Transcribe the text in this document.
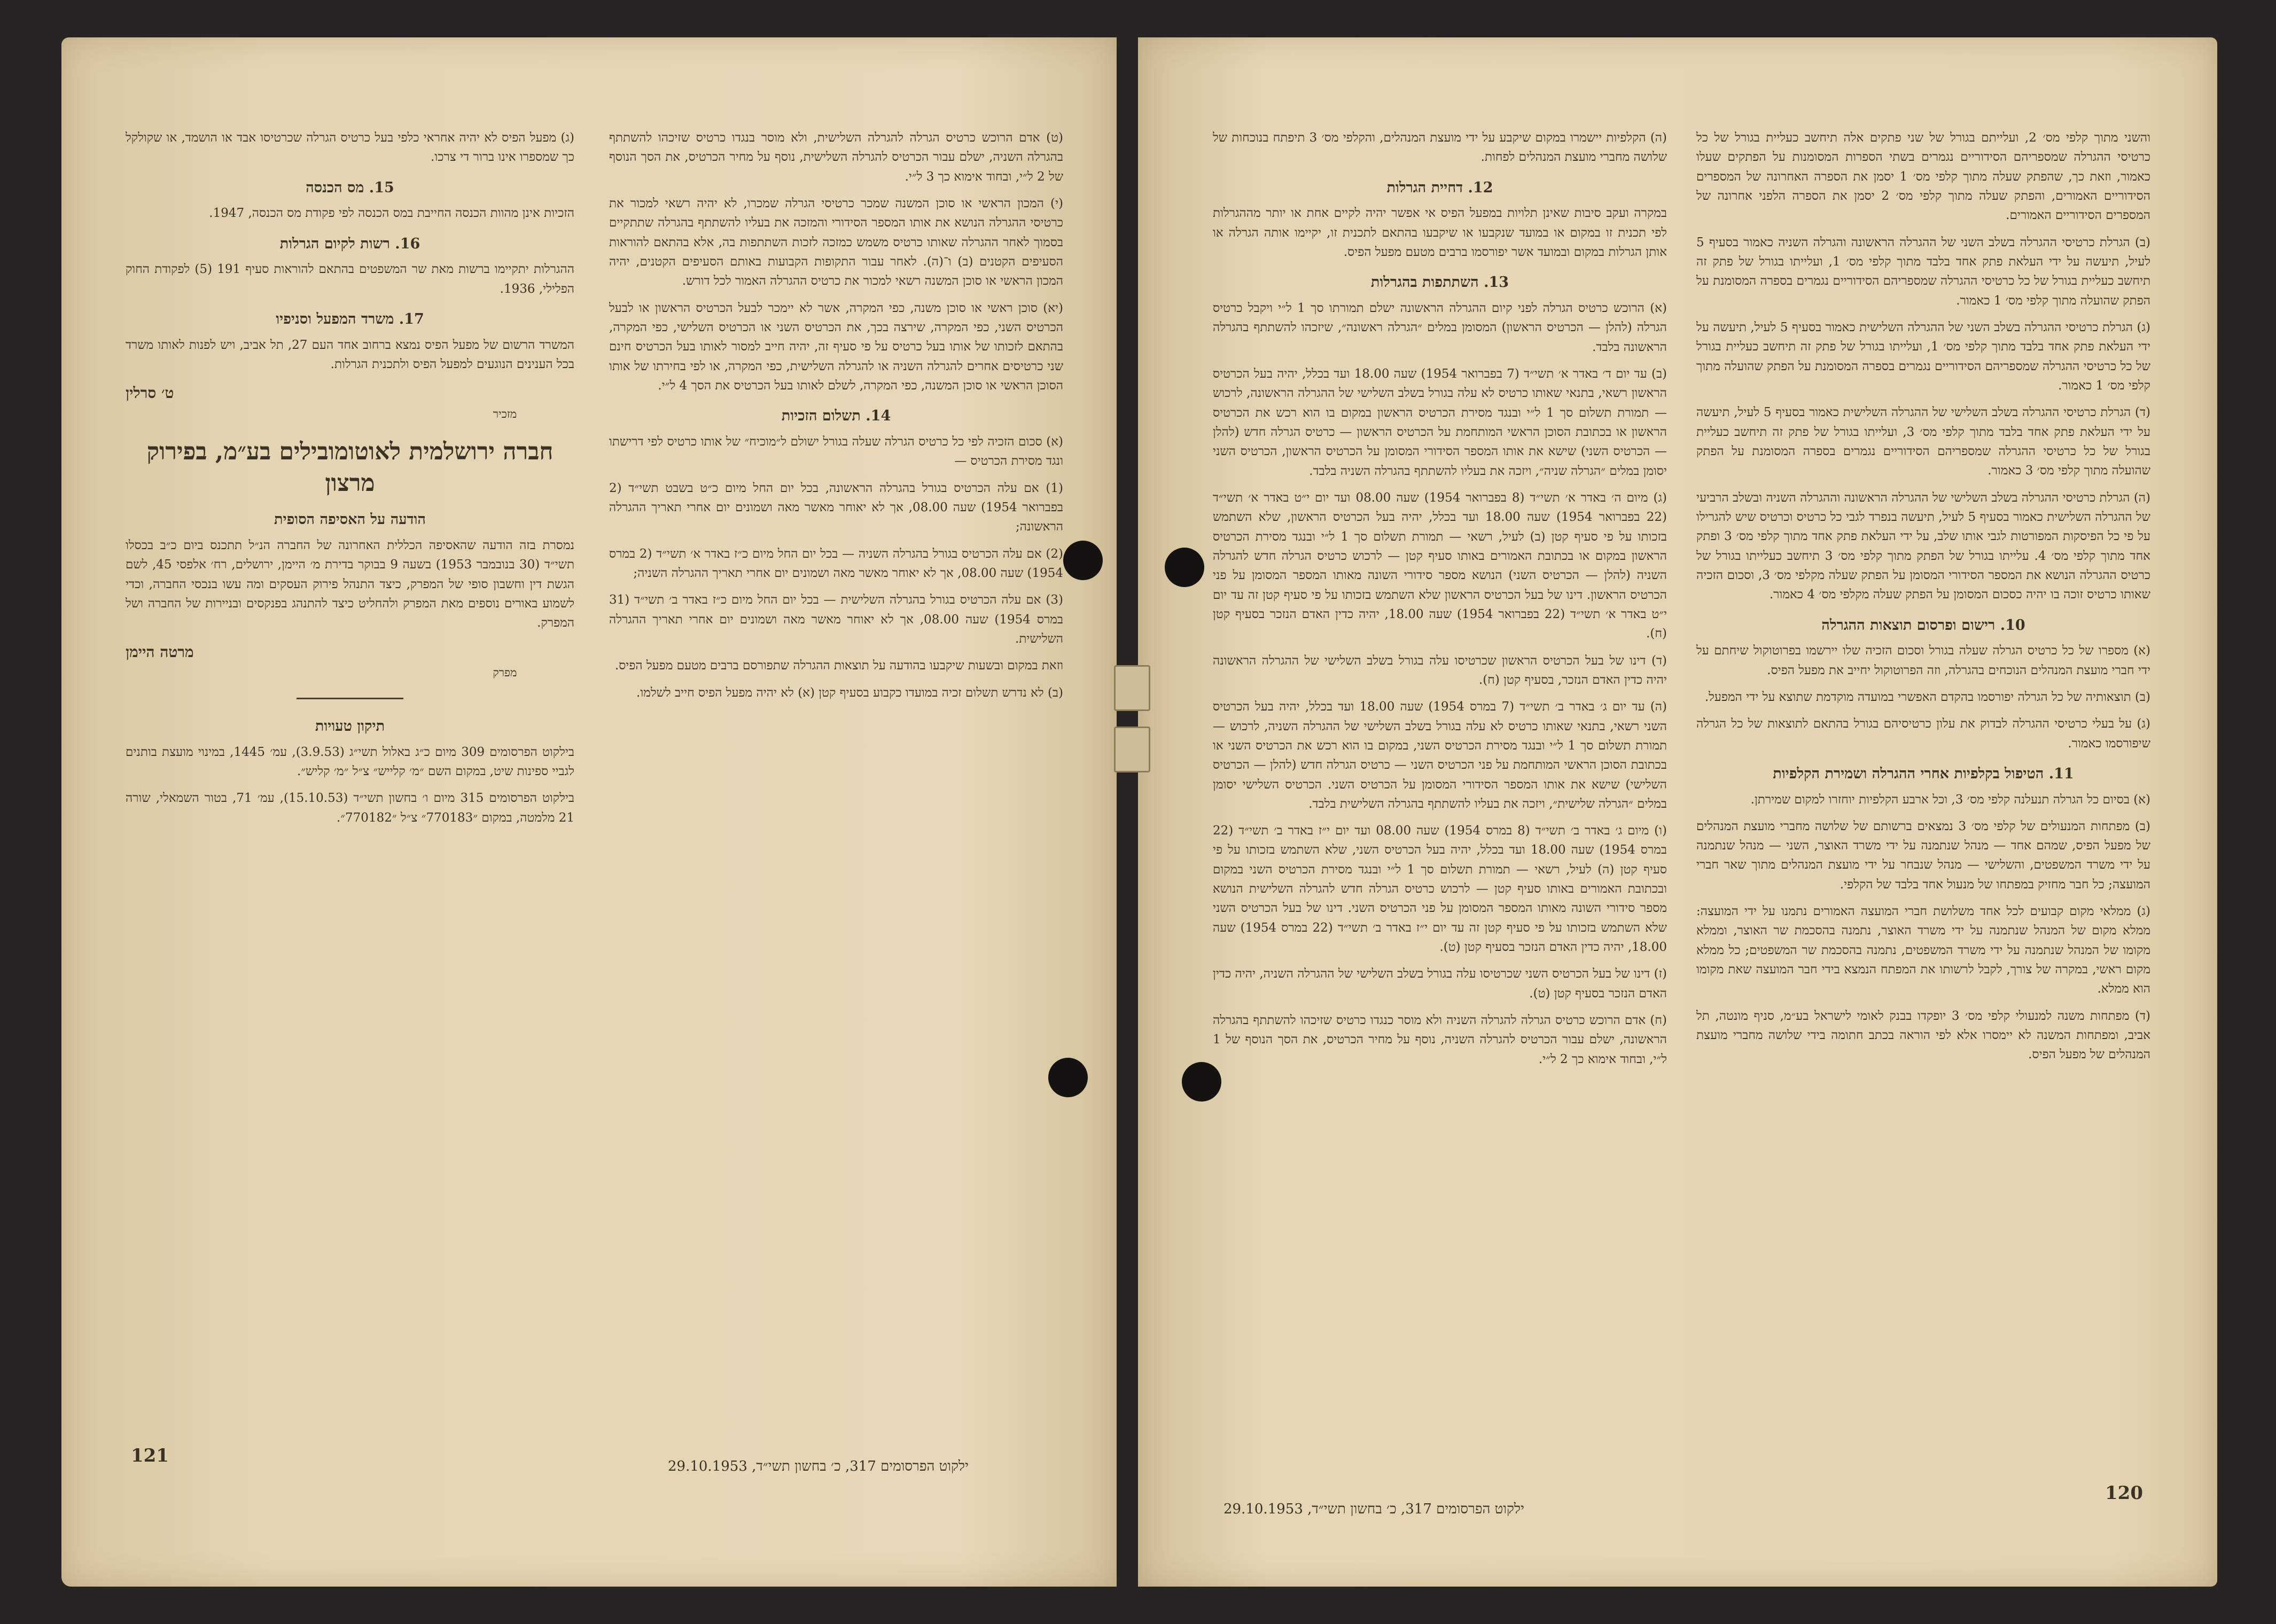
(ט) אדם הרוכש כרטיס הגרלה להגרלה השלישית, ולא מוסר בנגדו כרטיס שזיכהו להשתתף בהגרלה השניה, ישלם עבור הכרטיס להגרלה השלישית, נוסף על מחיר הכרטיס, את הסך הנוסף של 2 ל״י, ובחוד אימוא כך 3 ל״י.

(י) המכון הראשי או סוכן המשנה שמכר כרטיסי הגרלה שמכרו, לא יהיה רשאי למכור את כרטיסי ההגרלה הנושא את אותו המספר הסידורי והמזכה את בעליו להשתתף בהגרלה שתתקיים בסמוך לאחר ההגרלה שאותו כרטיס משמש כמזכה לזכות השתתפות בה, אלא בהתאם להוראות הסעיפים הקטנים (ב) ו־(ה). לאחר עבור התקופות הקבועות באותם הסעיפים הקטנים, יהיה המכון הראשי או סוכן המשנה רשאי למכור את כרטיס ההגרלה האמור לכל דורש.

(יא) סוכן ראשי או סוכן משנה, כפי המקרה, אשר לא יימכר לבעל הכרטיס הראשון או לבעל הכרטיס השני, כפי המקרה, שירצה בכך, את הכרטיס השני או הכרטיס השלישי, כפי המקרה, בהתאם לזכותו של אותו בעל כרטיס על פי סעיף זה, יהיה חייב למסור לאותו בעל הכרטיס חינם שני כרטיסים אחרים להגרלה השניה או להגרלה השלישית, כפי המקרה, או לפי בחירתו של אותו הסוכן הראשי או סוכן המשנה, כפי המקרה, לשלם לאותו בעל הכרטיס את הסך 4 ל״י.

14. תשלום הזכיות

(א) סכום הזכיה לפי כל כרטיס הגרלה שעלה בגורל ישולם ל״מוכיח״ של אותו כרטיס לפי דרישתו ונגד מסירת הכרטיס —

(1) אם עלה הכרטיס בגורל בהגרלה הראשונה, בכל יום החל מיום כ״ט בשבט תשי״ד (2 בפברואר 1954) שעה 08.00, אך לא יאוחר מאשר מאה ושמונים יום אחרי תאריך ההגרלה הראשונה;

(2) אם עלה הכרטיס בגורל בהגרלה השניה — בכל יום החל מיום כ״ז באדר א׳ תשי״ד (2 במרס 1954) שעה 08.00, אך לא יאוחר מאשר מאה ושמונים יום אחרי תאריך ההגרלה השניה;

(3) אם עלה הכרטיס בגורל בהגרלה השלישית — בכל יום החל מיום כ״ז באדר ב׳ תשי״ד (31 במרס 1954) שעה 08.00, אך לא יאוחר מאשר מאה ושמונים יום אחרי תאריך ההגרלה השלישית.

וזאת במקום ובשעות שיקבעו בהודעה על תוצאות ההגרלה שתפורסם ברבים מטעם מפעל הפיס.

(ב) לא נדרש תשלום זכיה במועדו כקבוע בסעיף קטן (א) לא יהיה מפעל הפיס חייב לשלמו.

(ג) מפעל הפיס לא יהיה אחראי כלפי בעל כרטיס הגרלה שכרטיסו אבד או הושמד, או שקולקל כך שמספרו אינו ברור די צרכו.

15. מס הכנסה

הזכיות אינן מהוות הכנסה החייבת במס הכנסה לפי פקודת מס הכנסה, 1947.

16. רשות לקיום הגרלות

ההגרלות יתקיימו ברשות מאת שר המשפטים בהתאם להוראות סעיף 191 (5) לפקודת החוק הפלילי, 1936.

17. משרד המפעל וסניפיו

המשרד הרשום של מפעל הפיס נמצא ברחוב אחד העם 27, תל אביב, ויש לפנות לאותו משרד בכל הענינים הנוגעים למפעל הפיס ולתכנית הגרלות.

ט׳ סרלין
מזכיר
חברה ירושלמית לאוטומובילים בע״מ, בפירוק מרצון
הודעה על האסיפה הסופית

נמסרת בזה הודעה שהאסיפה הכללית האחרונה של החברה הנ״ל תתכנס ביום כ״ב בכסלו תשי״ד (30 בנובמבר 1953) בשעה 9 בבוקר בדירת מ׳ היימן, ירושלים, רח׳ אלפסי 45, לשם הגשת דין וחשבון סופי של המפרק, כיצד התנהל פירוק העסקים ומה עשו בנכסי החברה, וכדי לשמוע באורים נוספים מאת המפרק ולהחליט כיצד להתנהג בפנקסים ובניירות של החברה ושל המפרק.

מרטה היימן
מפרק
תיקון טעויות

בילקוט הפרסומים 309 מיום כ״ג באלול תשי״ג (3.9.53), עמ׳ 1445, במינוי מועצת בותנים לגביי ספינות שיט, במקום השם ״מ׳ קלייש״ צ״ל ״מ׳ קליש״.

בילקוט הפרסומים 315 מיום ו׳ בחשון תשי״ד (15.10.53), עמ׳ 71, בטור השמאלי, שורה 21 מלמטה, במקום ״770183״ צ״ל ״770182״.

121	ילקוט הפרסומים 317, כ׳ בחשון תשי״ד, 29.10.1953

והשני מתוך קלפי מס׳ 2, ועלייתם בגורל של שני פתקים אלה תיחשב כעליית בגורל של כל כרטיסי ההגרלה שמספריהם הסידוריים נגמרים בשתי הספרות המסומנות על הפתקים שעלו כאמור, וזאת כך, שהפתק שעלה מתוך קלפי מס׳ 1 יסמן את הספרה האחרונה של המספרים הסידוריים האמורים, והפתק שעלה מתוך קלפי מס׳ 2 יסמן את הספרה הלפני אחרונה של המספרים הסידוריים האמורים.

(ב) הגרלת כרטיסי ההגרלה בשלב השני של ההגרלה הראשונה והגרלה השניה כאמור בסעיף 5 לעיל, תיעשה על ידי העלאת פתק אחד בלבד מתוך קלפי מס׳ 1, ועלייתו בגורל של פתק זה תיחשב כעליית בגורל של כל כרטיסי ההגרלה שמספריהם הסידוריים נגמרים בספרה המסומנת על הפתק שהועלה מתוך קלפי מס׳ 1 כאמור.

(ג) הגרלת כרטיסי ההגרלה בשלב השני של ההגרלה השלישית כאמור בסעיף 5 לעיל, תיעשה על ידי העלאת פתק אחד בלבד מתוך קלפי מס׳ 1, ועלייתו בגורל של פתק זה תיחשב כעליית בגורל של כל כרטיסי ההגרלה שמספריהם הסידוריים נגמרים בספרה המסומנת על הפתק שהועלה מתוך קלפי מס׳ 1 כאמור.

(ד) הגרלת כרטיסי ההגרלה בשלב השלישי של ההגרלה השלישית כאמור בסעיף 5 לעיל, תיעשה על ידי העלאת פתק אחד בלבד מתוך קלפי מס׳ 3, ועלייתו בגורל של פתק זה תיחשב כעליית בגורל של כל כרטיסי ההגרלה שמספריהם הסידוריים נגמרים בספרה המסומנת על הפתק שהועלה מתוך קלפי מס׳ 3 כאמור.

(ה) הגרלת כרטיסי ההגרלה בשלב השלישי של ההגרלה הראשונה וההגרלה השניה ובשלב הרביעי של ההגרלה השלישית כאמור בסעיף 5 לעיל, תיעשה בנפרד לגבי כל כרטיס וכרטיס שיש להגרילו על פי כל הפיסקות המפורטות לגבי אותו שלב, על ידי העלאת פתק אחד מתוך קלפי מס׳ 3 ופתק אחד מתוך קלפי מס׳ 4. עלייתו בגורל של הפתק מתוך קלפי מס׳ 3 תיחשב כעלייתו בגורל של כרטיס ההגרלה הנושא את המספר הסידורי המסומן על הפתק שעלה מקלפי מס׳ 3, וסכום הזכיה שאותו כרטיס זוכה בו יהיה כסכום המסומן על הפתק שעלה מקלפי מס׳ 4 כאמור.

10. רישום ופרסום תוצאות ההגרלה

(א) מספרו של כל כרטיס הגרלה שעלה בגורל וסכום הזכיה שלו יירשמו בפרוטוקול שיחתם על ידי חברי מועצת המנהלים הנוכחים בהגרלה, וזה הפרוטוקול יחייב את מפעל הפיס.

(ב) תוצאותיה של כל הגרלה יפורסמו בהקדם האפשרי במועדה מוקדמת שתוצא על ידי המפעל.

(ג) על בעלי כרטיסי ההגרלה לבדוק את עלון כרטיסיהם בגורל בהתאם לתוצאות של כל הגרלה שיפורסמו כאמור.

11. הטיפול בקלפיות אחרי ההגרלה ושמירת הקלפיות

(א) בסיום כל הגרלה תנעלנה קלפי מס׳ 3, וכל ארבע הקלפיות יוחזרו למקום שמירתן.

(ב) מפתחות המנעולים של קלפי מס׳ 3 נמצאים ברשותם של שלושה מחברי מועצת המנהלים של מפעל הפיס, שמהם אחד — מנהל שנתמנה על ידי משרד האוצר, השני — מנהל שנתמנה על ידי משרד המשפטים, והשלישי — מנהל שנבחר על ידי מועצת המנהלים מתוך שאר חברי המועצה; כל חבר מחזיק במפתחו של מנעול אחד בלבד של הקלפי.

(ג) ממלאי מקום קבועים לכל אחד משלושת חברי המועצה האמורים נתמנו על ידי המועצה: ממלא מקום של המנהל שנתמנה על ידי משרד האוצר, נתמנה בהסכמת שר האוצר, וממלא מקומו של המנהל שנתמנה על ידי משרד המשפטים, נתמנה בהסכמת שר המשפטים; כל ממלא מקום ראשי, במקרה של צורך, לקבל לרשותו את המפתח הנמצא בידי חבר המועצה שאת מקומו הוא ממלא.

(ד) מפתחות משנה למנעולי קלפי מס׳ 3 יופקדו בבנק לאומי לישראל בע״מ, סניף מונטה, תל אביב, ומפתחות המשנה לא יימסרו אלא לפי הוראה בכתב חתומה בידי שלושה מחברי מועצת המנהלים של מפעל הפיס.

(ה) הקלפיות יישמרו במקום שיקבע על ידי מועצת המנהלים, והקלפי מס׳ 3 תיפתח בנוכחות של שלושה מחברי מועצת המנהלים לפחות.

12. דחיית הגרלות

במקרה ועקב סיבות שאינן תלויות במפעל הפיס אי אפשר יהיה לקיים אחת או יותר מההגרלות לפי תכנית זו במקום או במועד שנקבעו או שיקבעו בהתאם לתכנית זו, יקיימו אותה הגרלה או אותן הגרלות במקום ובמועד אשר יפורסמו ברבים מטעם מפעל הפיס.

13. השתתפות בהגרלות

(א) הרוכש כרטיס הגרלה לפני קיום ההגרלה הראשונה ישלם תמורתו סך 1 ל״י ויקבל כרטיס הגרלה (להלן — הכרטיס הראשון) המסומן במלים ״הגרלה ראשונה״, שיזכהו להשתתף בהגרלה הראשונה בלבד.

(ב) עד יום ד׳ באדר א׳ תשי״ד (7 בפברואר 1954) שעה 18.00 ועד בכלל, יהיה בעל הכרטיס הראשון רשאי, בתנאי שאותו כרטיס לא עלה בגורל בשלב השלישי של ההגרלה הראשונה, לרכוש — תמורת תשלום סך 1 ל״י ובנגד מסירת הכרטיס הראשון במקום בו הוא רכש את הכרטיס הראשון או בכתובת הסוכן הראשי המותחמת על הכרטיס הראשון — כרטיס הגרלה חדש (להלן — הכרטיס השני) שישא את אותו המספר הסידורי המסומן על הכרטיס הראשון, הכרטיס השני יסומן במלים ״הגרלה שניה״, ויזכה את בעליו להשתתף בהגרלה השניה בלבד.

(ג) מיום ה׳ באדר א׳ תשי״ד (8 בפברואר 1954) שעה 08.00 ועד יום י״ט באדר א׳ תשי״ד (22 בפברואר 1954) שעה 18.00 ועד בכלל, יהיה בעל הכרטיס הראשון, שלא השתמש בזכותו על פי סעיף קטן (ב) לעיל, רשאי — תמורת תשלום סך 1 ל״י ובנגד מסירת הכרטיס הראשון במקום או בכתובת האמורים באותו סעיף קטן — לרכוש כרטיס הגרלה חדש להגרלה השניה (להלן — הכרטיס השני) הנושא מספר סידורי השונה מאותו המספר המסומן על פני הכרטיס הראשון. דינו של בעל הכרטיס הראשון שלא השתמש בזכותו על פי סעיף קטן זה עד יום י״ט באדר א׳ תשי״ד (22 בפברואר 1954) שעה 18.00, יהיה כדין האדם הנזכר בסעיף קטן (ח).

(ד) דינו של בעל הכרטיס הראשון שכרטיסו עלה בגורל בשלב השלישי של ההגרלה הראשונה יהיה כדין האדם הנזכר, בסעיף קטן (ח).

(ה) עד יום ג׳ באדר ב׳ תשי״ד (7 במרס 1954) שעה 18.00 ועד בכלל, יהיה בעל הכרטיס השני רשאי, בתנאי שאותו כרטיס לא עלה בגורל בשלב השלישי של ההגרלה השניה, לרכוש — תמורת תשלום סך 1 ל״י ובנגד מסירת הכרטיס השני, במקום בו הוא רכש את הכרטיס השני או בכתובת הסוכן הראשי המותחמת על פני הכרטיס השני — כרטיס הגרלה חדש (להלן — הכרטיס השלישי) שישא את אותו המספר הסידורי המסומן על הכרטיס השני. הכרטיס השלישי יסומן במלים ״הגרלה שלישית״, ויזכה את בעליו להשתתף בהגרלה השלישית בלבד.

(ו) מיום ג׳ באדר ב׳ תשי״ד (8 במרס 1954) שעה 08.00 ועד יום י״ז באדר ב׳ תשי״ד (22 במרס 1954) שעה 18.00 ועד בכלל, יהיה בעל הכרטיס השני, שלא השתמש בזכותו על פי סעיף קטן (ה) לעיל, רשאי — תמורת תשלום סך 1 ל״י ובנגד מסירת הכרטיס השני במקום ובכתובת האמורים באותו סעיף קטן — לרכוש כרטיס הגרלה חדש להגרלה השלישית הנושא מספר סידורי השונה מאותו המספר המסומן על פני הכרטיס השני. דינו של בעל הכרטיס השני שלא השתמש בזכותו על פי סעיף קטן זה עד יום י״ז באדר ב׳ תשי״ד (22 במרס 1954) שעה 18.00, יהיה כדין האדם הנזכר בסעיף קטן (ט).

(ז) דינו של בעל הכרטיס השני שכרטיסו עלה בגורל בשלב השלישי של ההגרלה השניה, יהיה כדין האדם הנזכר בסעיף קטן (ט).

(ח) אדם הרוכש כרטיס הגרלה להגרלה השניה ולא מוסר כנגדו כרטיס שזיכהו להשתתף בהגרלה הראשונה, ישלם עבור הכרטיס להגרלה השניה, נוסף על מחיר הכרטיס, את הסך הנוסף של 1 ל״י, ובחוד אימוא כך 2 ל״י.

ילקוט הפרסומים 317, כ׳ בחשון תשי״ד, 29.10.1953
120
